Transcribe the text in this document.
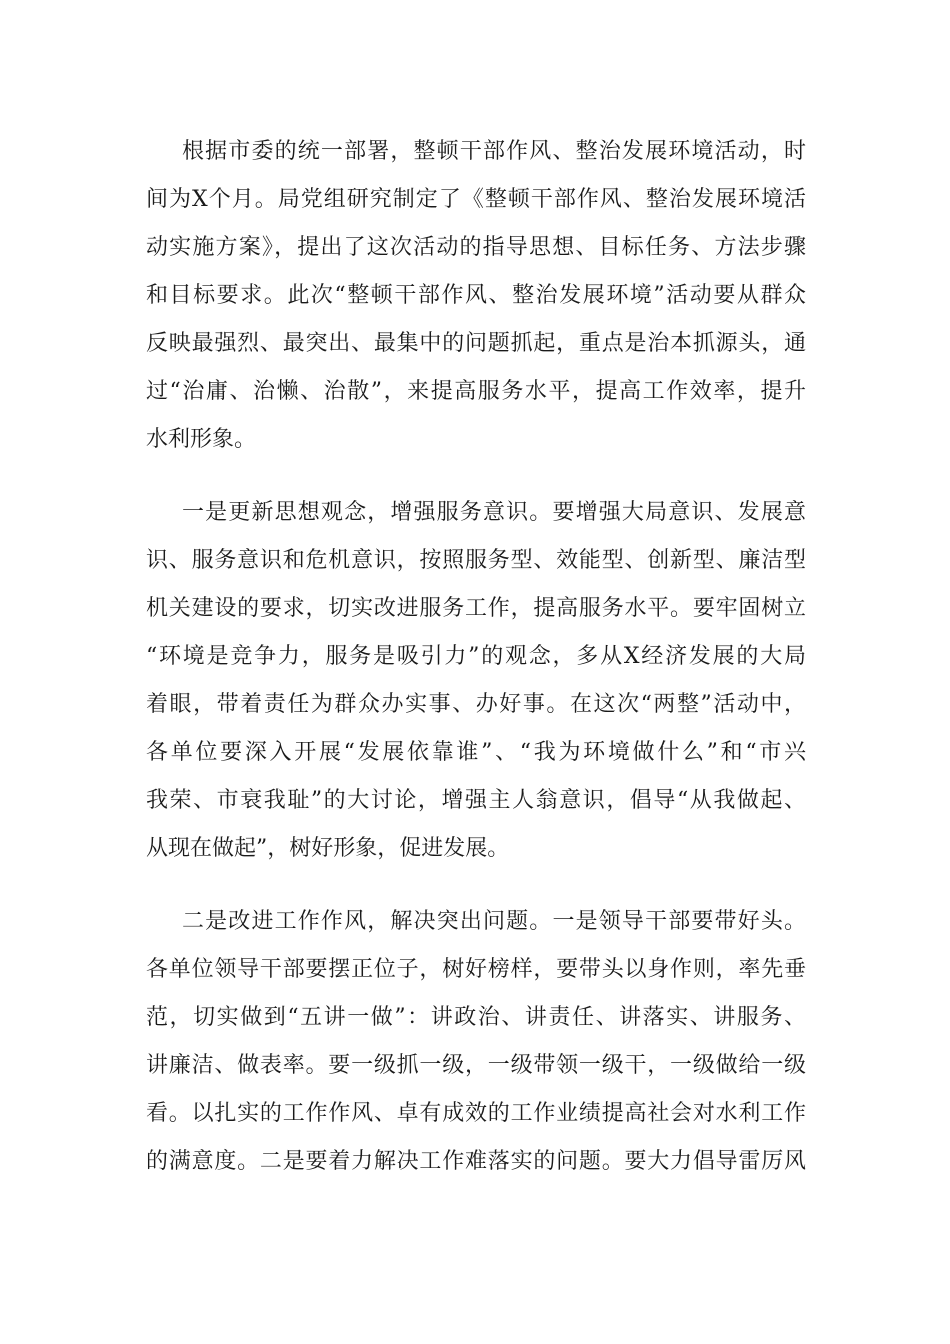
根据市委的统一部署，整顿干部作风、整治发展环境活动，时
间为X个月。局党组研究制定了《整顿干部作风、整治发展环境活
动实施方案》，提出了这次活动的指导思想、目标任务、方法步骤
和目标要求。此次“整顿干部作风、整治发展环境”活动要从群众
反映最强烈、最突出、最集中的问题抓起，重点是治本抓源头，通
过“治庸、治懒、治散”，来提高服务水平，提高工作效率，提升
水利形象。
一是更新思想观念，增强服务意识。要增强大局意识、发展意
识、服务意识和危机意识，按照服务型、效能型、创新型、廉洁型
机关建设的要求，切实改进服务工作，提高服务水平。要牢固树立
“环境是竞争力，服务是吸引力”的观念，多从X经济发展的大局
着眼，带着责任为群众办实事、办好事。在这次“两整”活动中，
各单位要深入开展“发展依靠谁”、“我为环境做什么”和“市兴
我荣、市衰我耻”的大讨论，增强主人翁意识，倡导“从我做起、
从现在做起”，树好形象，促进发展。
二是改进工作作风，解决突出问题。一是领导干部要带好头。
各单位领导干部要摆正位子，树好榜样，要带头以身作则，率先垂
范，切实做到“五讲一做”：讲政治、讲责任、讲落实、讲服务、
讲廉洁、做表率。要一级抓一级，一级带领一级干，一级做给一级
看。以扎实的工作作风、卓有成效的工作业绩提高社会对水利工作
的满意度。二是要着力解决工作难落实的问题。要大力倡导雷厉风
